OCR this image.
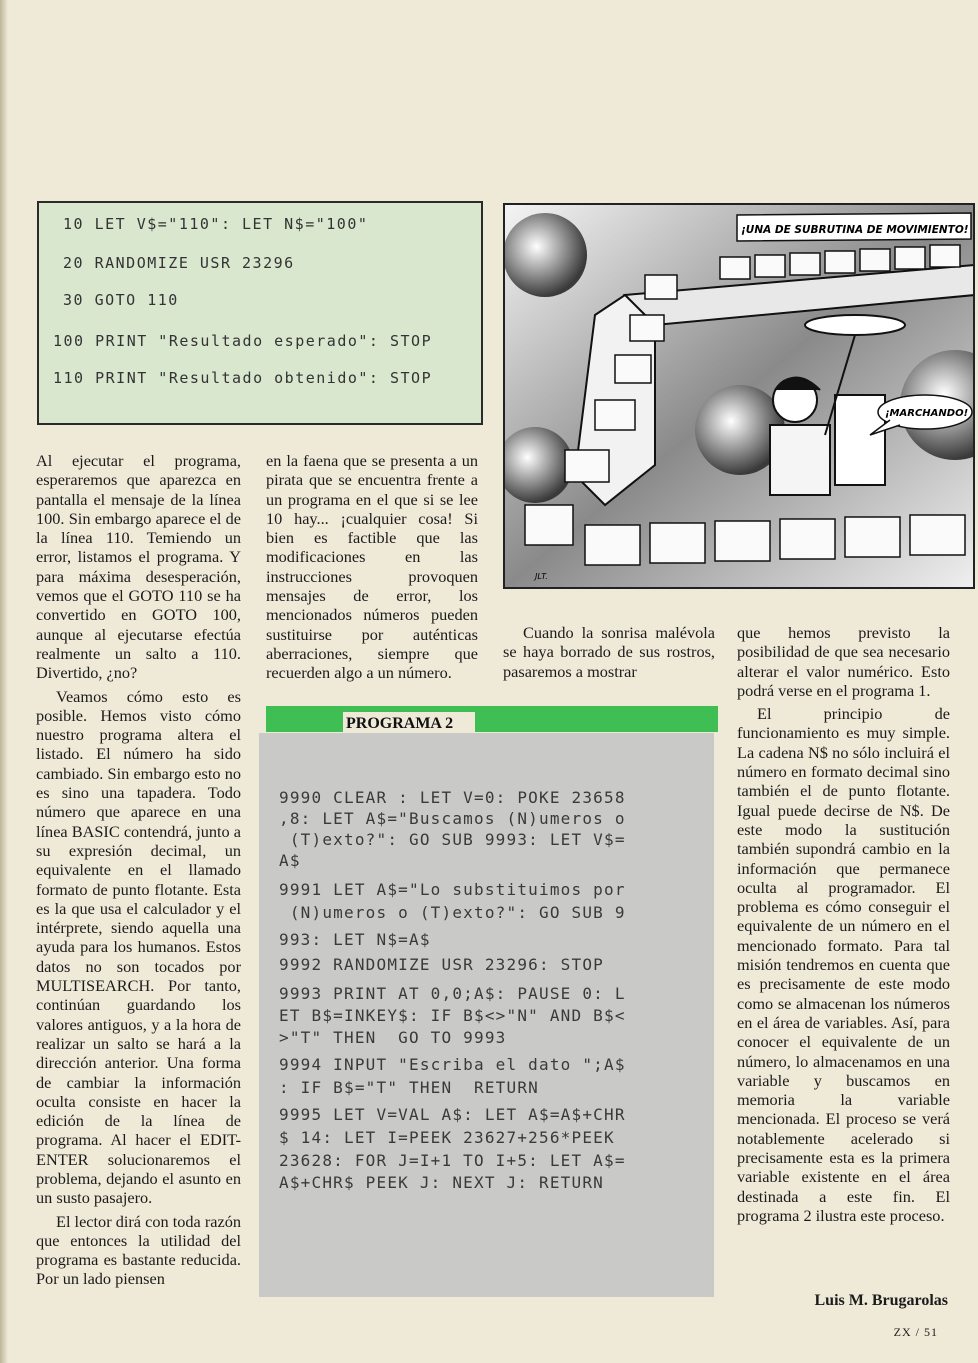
10 LET V$="110": LET N$="100"
20 RANDOMIZE USR 23296
30 GOTO 110
100 PRINT "Resultado esperado": STOP
110 PRINT "Resultado obtenido": STOP
¡UNA DE SUBRUTINA DE MOVIMIENTO!
¡MARCHANDO!
JLT.

Al ejecutar el programa, esperaremos que aparezca en pantalla el mensaje de la línea 100. Sin embargo aparece el de la línea 110. Temiendo un error, listamos el programa. Y para máxima desesperación, vemos que el GOTO 110 se ha convertido en GOTO 100, aunque al ejecutarse efectúa realmente un salto a 110. Divertido, ¿no?

Veamos cómo esto es posible. Hemos visto cómo nuestro programa altera el listado. El número ha sido cambiado. Sin embargo esto no es sino una tapadera. Todo número que aparece en una línea BASIC contendrá, junto a su expresión decimal, un equivalente en el llamado formato de punto flotante. Esta es la que usa el calculador y el intérprete, siendo aquella una ayuda para los humanos. Estos datos no son tocados por MULTISEARCH. Por tanto, continúan guardando los valores antiguos, y a la hora de realizar un salto se hará a la dirección anterior. Una forma de cambiar la información oculta consiste en hacer la edición de la línea de programa. Al hacer el EDIT-ENTER solucionaremos el problema, dejando el asunto en un susto pasajero.

El lector dirá con toda razón que entonces la utilidad del programa es bastante reducida. Por un lado piensen

en la faena que se presenta a un pirata que se encuentra frente a un programa en el que si se lee 10 hay... ¡cualquier cosa! Si bien es factible que las modificaciones en las instrucciones provoquen mensajes de error, los mencionados números pueden sustituirse por auténticas aberraciones, siempre que recuerden algo a un número.

Cuando la sonrisa malévola se haya borrado de sus rostros, pasaremos a mostrar

que hemos previsto la posibilidad de que sea necesario alterar el valor numérico. Esto podrá verse en el programa 1.

El principio de funcionamiento es muy simple. La cadena N$ no sólo incluirá el número en formato decimal sino también el de punto flotante. Igual puede decirse de N$. De este modo la sustitución también supondrá cambio en la información que permanece oculta al programador. El problema es cómo conseguir el equivalente de un número en el mencionado formato. Para tal misión tendremos en cuenta que es precisamente de este modo como se almacenan los números en el área de variables. Así, para conocer el equivalente de un número, lo almacenamos en una variable y buscamos en memoria la variable mencionada. El proceso se verá notablemente acelerado si precisamente esta es la primera variable existente en el área destinada a este fin. El programa 2 ilustra este proceso.

PROGRAMA 2
9990 CLEAR : LET V=0: POKE 23658
,8: LET A$="Buscamos (N)umeros o
(T)exto?": GO SUB 9993: LET V$=
A$
9991 LET A$="Lo substituimos por
(N)umeros o (T)exto?": GO SUB 9
993: LET N$=A$
9992 RANDOMIZE USR 23296: STOP
9993 PRINT AT 0,0;A$: PAUSE 0: L
ET B$=INKEY$: IF B$<>"N" AND B$<
>"T" THEN  GO TO 9993
9994 INPUT "Escriba el dato ";A$
: IF B$="T" THEN  RETURN
9995 LET V=VAL A$: LET A$=A$+CHR
$ 14: LET I=PEEK 23627+256*PEEK
23628: FOR J=I+1 TO I+5: LET A$=
A$+CHR$ PEEK J: NEXT J: RETURN
Luis M. Brugarolas
ZX / 51
